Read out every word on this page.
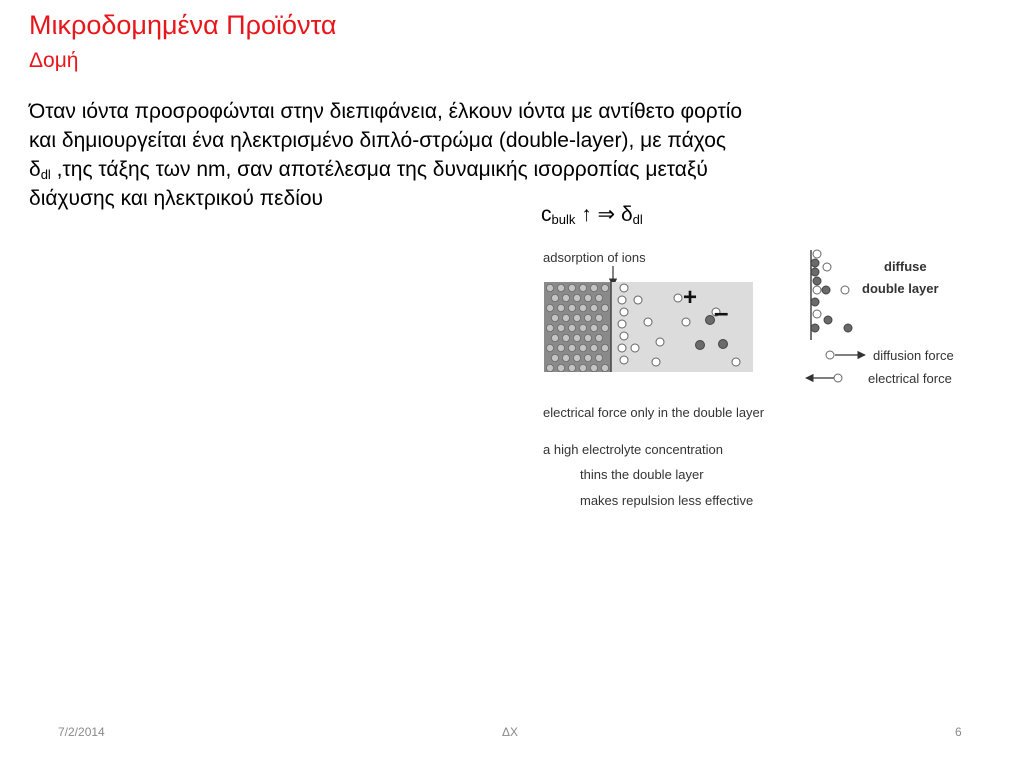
Μικροδομημένα Προϊόντα
Δομή
Όταν ιόντα προσροφώνται στην διεπιφάνεια, έλκουν ιόντα με αντίθετο φορτίο
και δημιουργείται ένα ηλεκτρισμένο διπλό-στρώμα (double-layer), με πάχος
$\delta_{dl}$ ,της τάξης των nm, σαν αποτέλεσμα της δυναμικής ισορροπίας μεταξύ
διάχυσης και ηλεκτρικού πεδίου
$c_{bulk}$ ↑ ⇒ $\delta_{dl}$
adsorption of ions
+ –
diffuse
double layer
diffusion force
electrical force
electrical force only in the double layer
a high electrolyte concentration
thins the double layer
makes repulsion less effective
7/2/2014	ΔΧ	6
